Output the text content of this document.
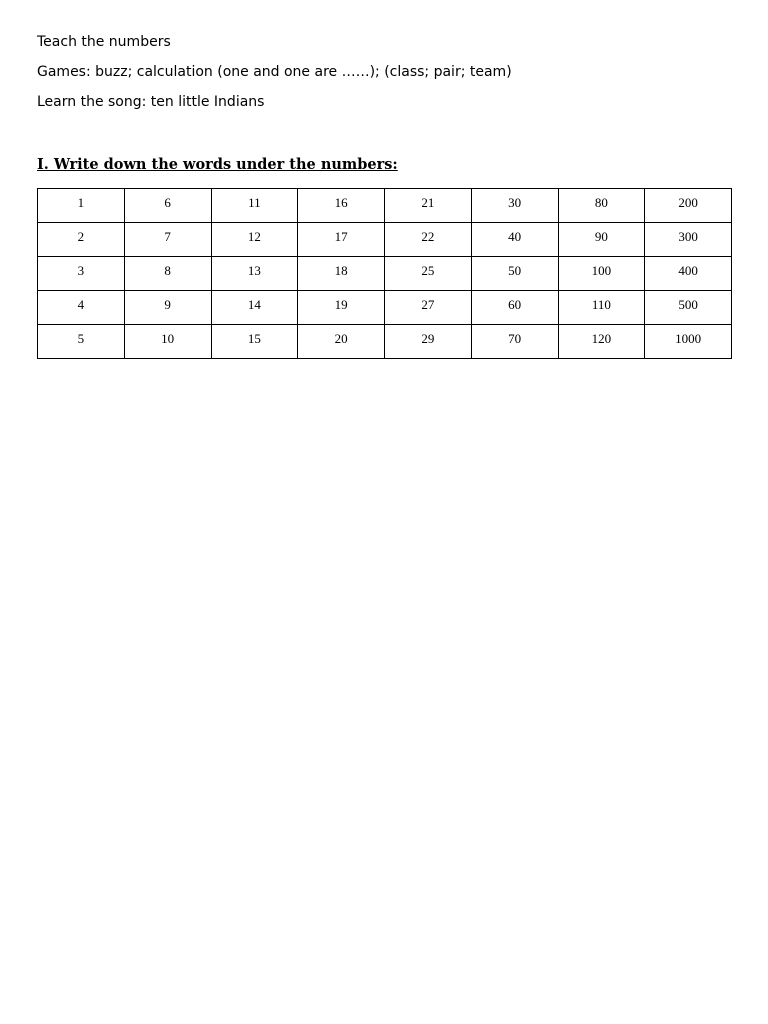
Teach the numbers
Games: buzz; calculation (one and one are ……); (class; pair; team)
Learn the song: ten little Indians
I. Write down the words under the numbers:
1	6	11	16	21	30	80	200

2	7	12	17	22	40	90	300

3	8	13	18	25	50	100	400

4	9	14	19	27	60	110	500

5	10	15	20	29	70	120	1000
